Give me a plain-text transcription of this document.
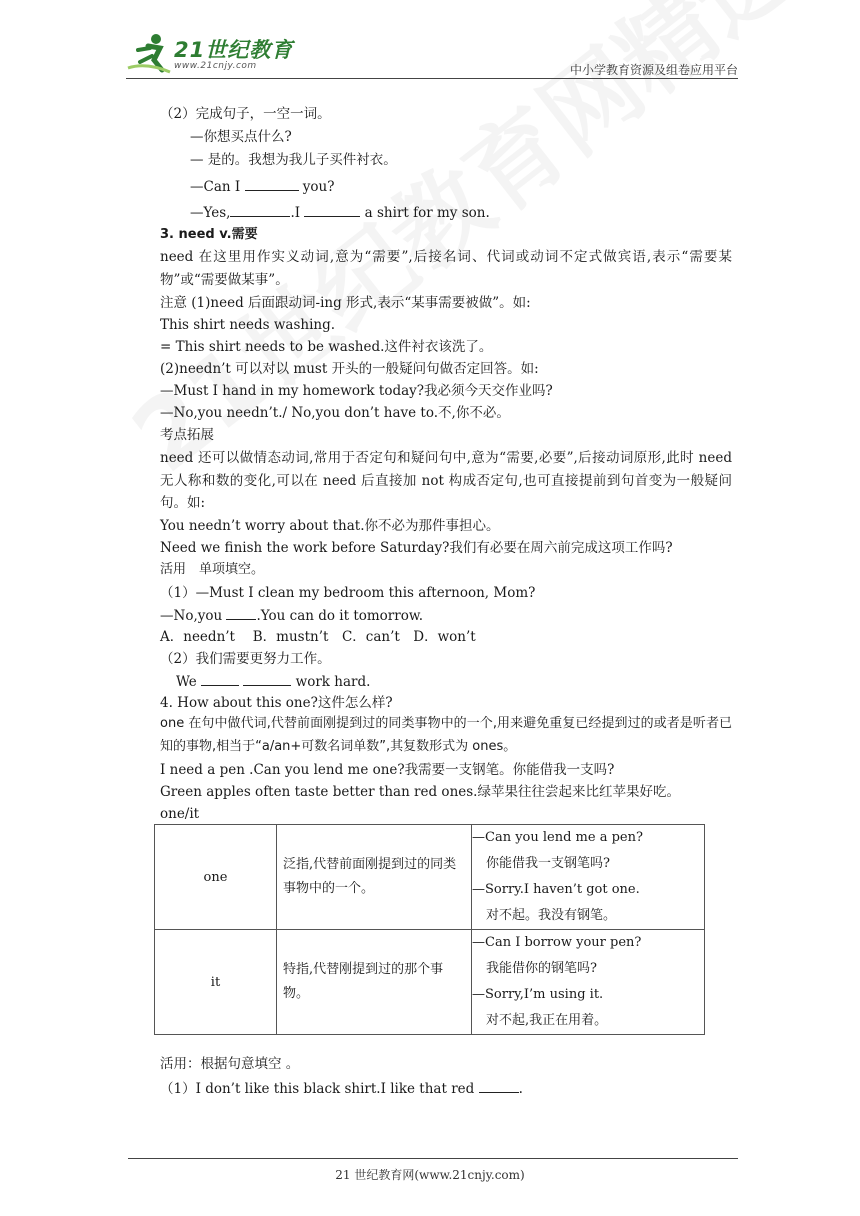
21世纪教育
www.21cnjy.com	中小学教育资源及组卷应用平台
（2）完成句子，一空一词。
—你想买点什么?
— 是的。我想为我儿子买件衬衣。
—Can I	you?
—Yes,	.I	a shirt for my son.
3. need v.需要
need 在这里用作实义动词,意为“需要”,后接名词、代词或动词不定式做宾语,表示“需要某物”或“需要做某事”。
注意 (1)need 后面跟动词-ing 形式,表示“某事需要被做”。如:
This shirt needs washing.
= This shirt needs to be washed.这件衬衣该洗了。
(2)needn’t 可以对以 must 开头的一般疑问句做否定回答。如:
—Must I hand in my homework today?我必须今天交作业吗?
—No,you needn’t./ No,you don’t have to.不,你不必。
考点拓展
need 还可以做情态动词,常用于否定句和疑问句中,意为“需要,必要”,后接动词原形,此时 need 无人称和数的变化,可以在 need 后直接加 not 构成否定句,也可直接提前到句首变为一般疑问句。如:
You needn’t worry about that.你不必为那件事担心。
Need we finish the work before Saturday?我们有必要在周六前完成这项工作吗?
活用　单项填空。
（1）—Must I clean my bedroom this afternoon, Mom?
—No,you .You can do it tomorrow.
A．needn’t　 B．mustn’t　C．can’t　D．won’t
（2）我们需要更努力工作。
We	work hard.
4. How about this one?这件怎么样?
one 在句中做代词,代替前面刚提到过的同类事物中的一个,用来避免重复已经提到过的或者是听者已知的事物,相当于“a/an+可数名词单数”,其复数形式为 ones。
I need a pen .Can you lend me one?我需要一支钢笔。你能借我一支吗?
Green apples often taste better than red ones.绿苹果往往尝起来比红苹果好吃。
one/it
one	泛指,代替前面刚提到过的同类事物中的一个。	—Can you lend me a pen?
你能借我一支钢笔吗?
—Sorry.I haven’t got one.
对不起。我没有钢笔。

it	特指,代替刚提到过的那个事物。	—Can I borrow your pen?
我能借你的钢笔吗?
—Sorry,I’m using it.
对不起,我正在用着。
活用：根据句意填空 。
（1）I don’t like this black shirt.I like that red	.
21 世纪教育网(www.21cnjy.com)
